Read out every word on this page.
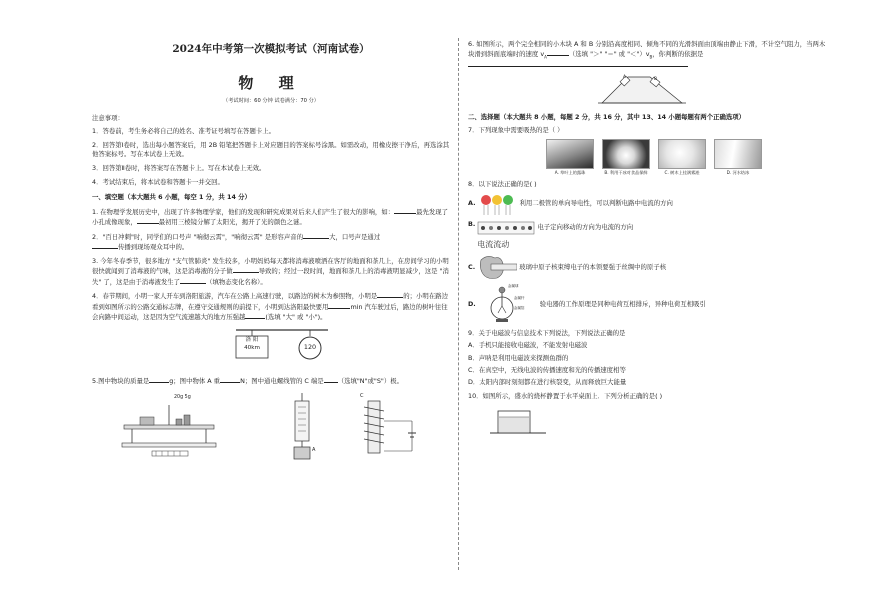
2024年中考第一次模拟考试（河南试卷）
物 理
（考试时间：60 分钟 试卷满分：70 分）
注意事项：

1．答卷前，考生务必将自己的姓名、准考证号填写在答题卡上。

2．回答第Ⅰ卷时，选出每小题答案后，用 2B 铅笔把答题卡上对应题目的答案标号涂黑。如需改动，用橡皮擦干净后，再选涂其他答案标号。写在本试卷上无效。

3．回答第Ⅱ卷时，将答案写在答题卡上。写在本试卷上无效。

4．考试结束后，将本试卷和答题卡一并交回。

一、填空题（本大题共 6 小题，每空 1 分，共 14 分）

1. 在物理学发展历史中，出现了许多物理学家，他们的发现和研究成果对后来人们产生了很大的影响，如：	最先发现了小孔成像现象，	最初用三棱镜分解了太阳光，揭开了光的颜色之谜。

2．"百日冲刺"时，同学们的口号声 "响彻云霄"，"响彻云霄" 是形容声音的	大，口号声是通过
传播到现场观众耳中的。

3. 今年冬春季节，很多地方 "支气管肺炎" 发生较多，小明妈妈每天都将消毒液喷洒在客厅的地面和茶几上，在房间学习的小明很快就闻到了消毒液的气味，这是消毒液的分子做	导致的；经过一段时间，地面和茶几上的消毒液明显减少，这是 "消失" 了，这是由于消毒液发生了	（填物态变化名称）。

4．春节期间，小明一家人开车到洛阳旅游，汽车在公路上高速行驶，以路边的树木为参照物，小明是	的；小明在路边看到如图所示的公路交通标志牌，在遵守交通规则的前提下，小明到达洛阳最快要用	min 汽车驶过后，路边的树叶往往会向路中间运动，这是因为空气流速越大的地方压强越	(选填 "大" 或 "小")。

洛 阳
40km	120

5.图中物块的质量是	g；图中物体 A 重	N；图中通电螺线管的 C 端是 （选填"N"或"S"）极。

20g 5g
A
C

6. 如图所示，两个完全相同的小木块 A 和 B 分别沿高度相同、倾角不同的光滑斜面由顶端由静止下滑，不计空气阻力，当两木块滑到斜面底端时的速度 $v_A$	（选填 "＞" "＝" 或 "$<")v_B$，你判断的依据是

A	B
二、选择题（本大题共 8 小题，每题 2 分，共 16 分，其中 13、14 小题每题有两个正确选项）

7．下列现象中需要吸热的是（ ）

A. 草叶上的露珠	B. 利用干冰对食品保鲜	C. 树木上挂满雾凇	D. 河水结冰

8．以下说法正确的是( )

A.	利用二极管的单向导电性，可以判断电路中电流的方向
B.
电流流动
电子定向移动的方向为电流的方向
C.	玻璃中原子核束缚电子的本领要强于丝绸中的原子核
D.
金属球
金属杆
金属箔
验电器的工作原理是同种电荷互相排斥，异种电荷互相吸引

9．关于电磁波与信息技术下列说法，下列说法正确的是

A．手机只能接收电磁波，不能发射电磁波

B．声呐是利用电磁波来探测鱼群的

C．在真空中，无线电波的传播速度和光的传播速度相等

D．太阳内部时刻刻都在进行核裂变，从而释放巨大能量

10．如图所示，盛水的烧杯静置于水平桌面上．下列分析正确的是( )
